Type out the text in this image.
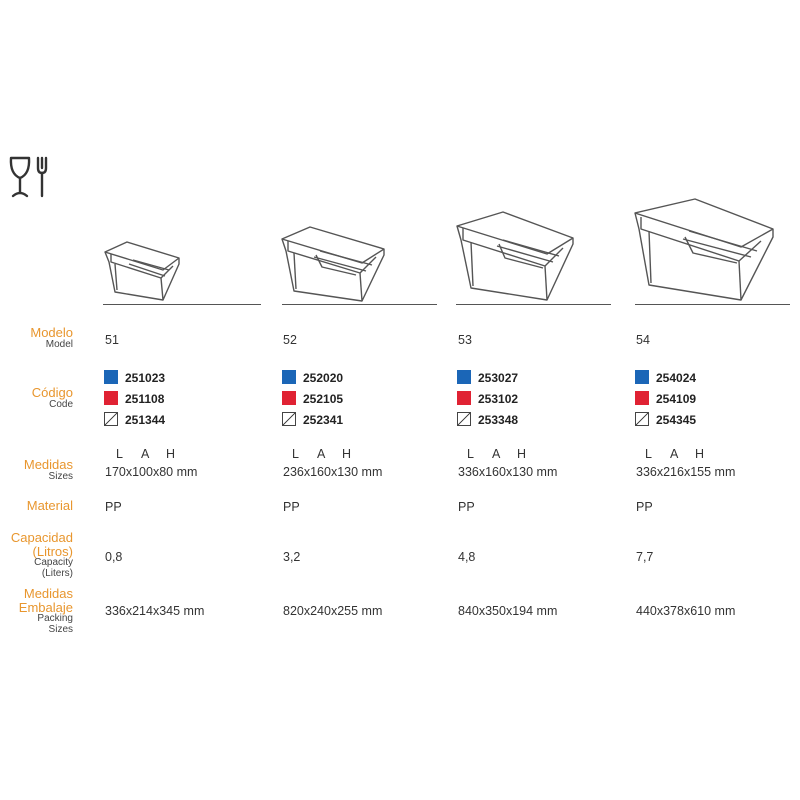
Modelo
Model
Código
Code
Medidas
Sizes
Material
Capacidad
(Litros)
Capacity
(Liters)
Medidas
Embalaje
Packing
Sizes
51
251023
251108
251344
L A H
170x100x80 mm
PP
0,8
336x214x345 mm
52
252020
252105
252341
L A H
236x160x130 mm
PP
3,2
820x240x255 mm
53
253027
253102
253348
L A H
336x160x130 mm
PP
4,8
840x350x194 mm
54
254024
254109
254345
L A H
336x216x155 mm
PP
7,7
440x378x610 mm
